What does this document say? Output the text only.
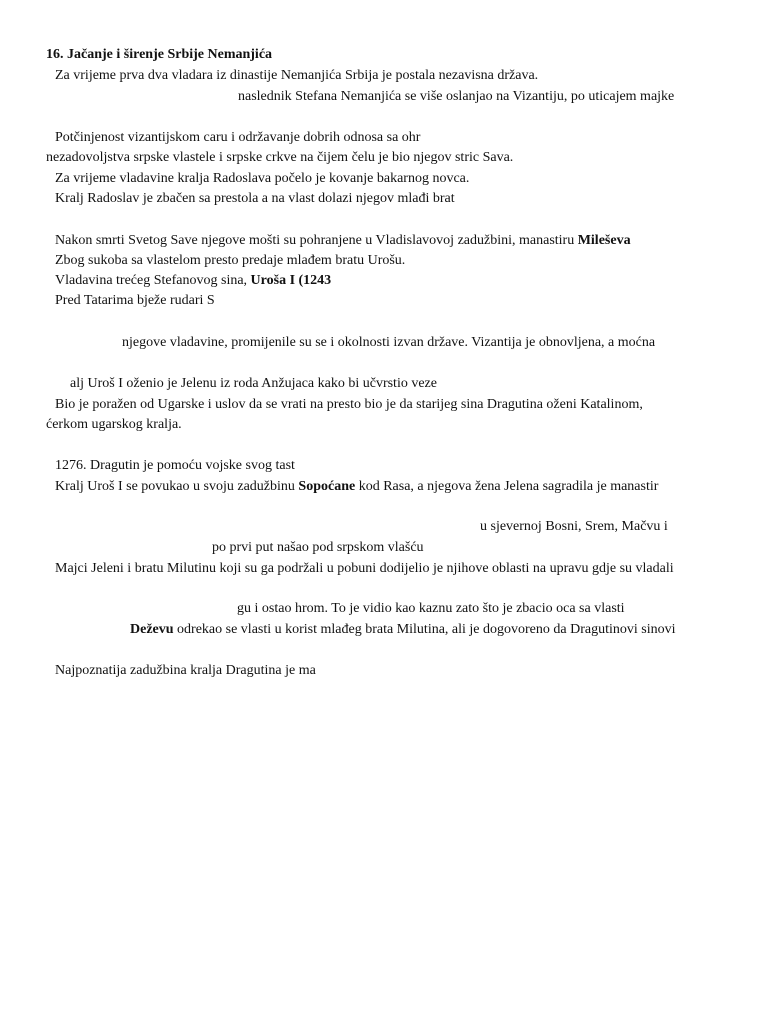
16. Jačanje i širenje Srbije Nemanjića
Za vrijeme prva dva vladara iz dinastije Nemanjića Srbija je postala nezavisna država.
naslednik Stefana Nemanjića se više oslanjao na Vizantiju, po uticajem majke
Potčinjenost vizantijskom caru i održavanje dobrih odnosa sa ohr
nezadovoljstva srpske vlastele i srpske crkve na čijem čelu je bio njegov stric Sava.
Za vrijeme vladavine kralja Radoslava počelo je kovanje bakarnog novca.
Kralj Radoslav je zbačen sa prestola a na vlast dolazi njegov mlađi brat
Nakon smrti Svetog Save njegove mošti su pohranjene u Vladislavovoj zadužbini, manastiru Mileševa
Zbog sukoba sa vlastelom presto predaje mlađem bratu Urošu.
Vladavina trećeg Stefanovog sina, Uroša I (1243
Pred Tatarima bježe rudari S
njegove vladavine, promijenile su se i okolnosti izvan države. Vizantija je obnovljena, a moćna
alj Uroš I oženio je Jelenu iz roda Anžujaca kako bi učvrstio veze
Bio je poražen od Ugarske i uslov da se vrati na presto bio je da starijeg sina Dragutina oženi Katalinom,
ćerkom ugarskog kralja.
1276. Dragutin je pomoću vojske svog tast
Kralj Uroš I se povukao u svoju zadužbinu Sopoćane kod Rasa, a njegova žena Jelena sagradila je manastir
u sjevernoj Bosni, Srem, Mačvu i
po prvi put našao pod srpskom vlašću
Majci Jeleni i bratu Milutinu koji su ga podržali u pobuni dodijelio je njihove oblasti na upravu gdje su vladali
gu i ostao hrom. To je vidio kao kaznu zato što je zbacio oca sa vlasti
Deževu odrekao se vlasti u korist mlađeg brata Milutina, ali je dogovoreno da Dragutinovi sinovi
Najpoznatija zadužbina kralja Dragutina je ma
